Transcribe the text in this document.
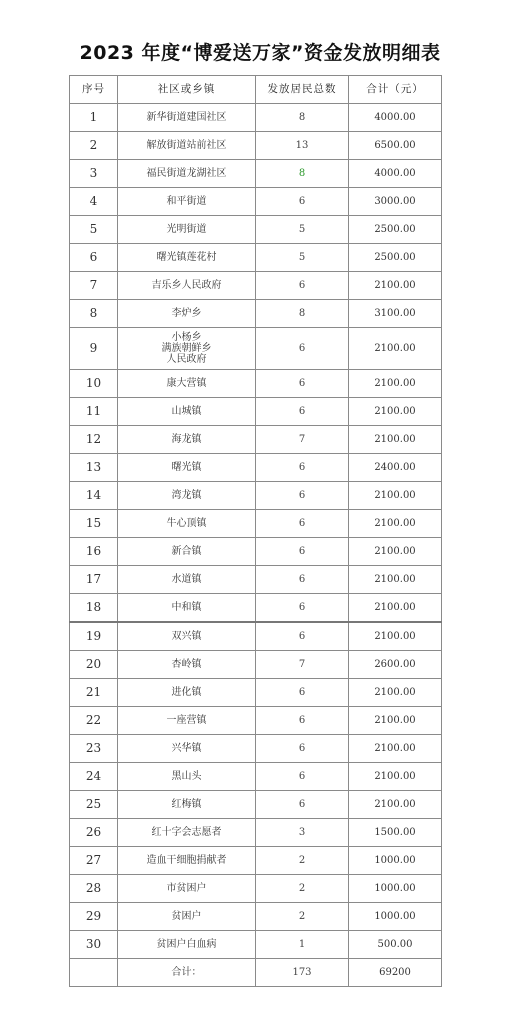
2023 年度“博爱送万家”资金发放明细表
序号	社区或乡镇	发放居民总数	合计（元）
1	新华街道建国社区	8	4000.00
2	解放街道站前社区	13	6500.00
3	福民街道龙湖社区	8	4000.00
4	和平街道	6	3000.00
5	光明街道	5	2500.00
6	曙光镇莲花村	5	2500.00
7	吉乐乡人民政府	6	2100.00
8	李炉乡	8	3100.00
9	小杨乡
满族朝鲜乡
人民政府	6	2100.00
10	康大营镇	6	2100.00
11	山城镇	6	2100.00
12	海龙镇	7	2100.00
13	曙光镇	6	2400.00
14	湾龙镇	6	2100.00
15	牛心顶镇	6	2100.00
16	新合镇	6	2100.00
17	水道镇	6	2100.00
18	中和镇	6	2100.00
19	双兴镇	6	2100.00
20	杏岭镇	7	2600.00
21	进化镇	6	2100.00
22	一座营镇	6	2100.00
23	兴华镇	6	2100.00
24	黑山头	6	2100.00
25	红梅镇	6	2100.00
26	红十字会志愿者	3	1500.00
27	造血干细胞捐献者	2	1000.00
28	市贫困户	2	1000.00
29	贫困户	2	1000.00
30	贫困户白血病	1	500.00
	合计：	173	69200
